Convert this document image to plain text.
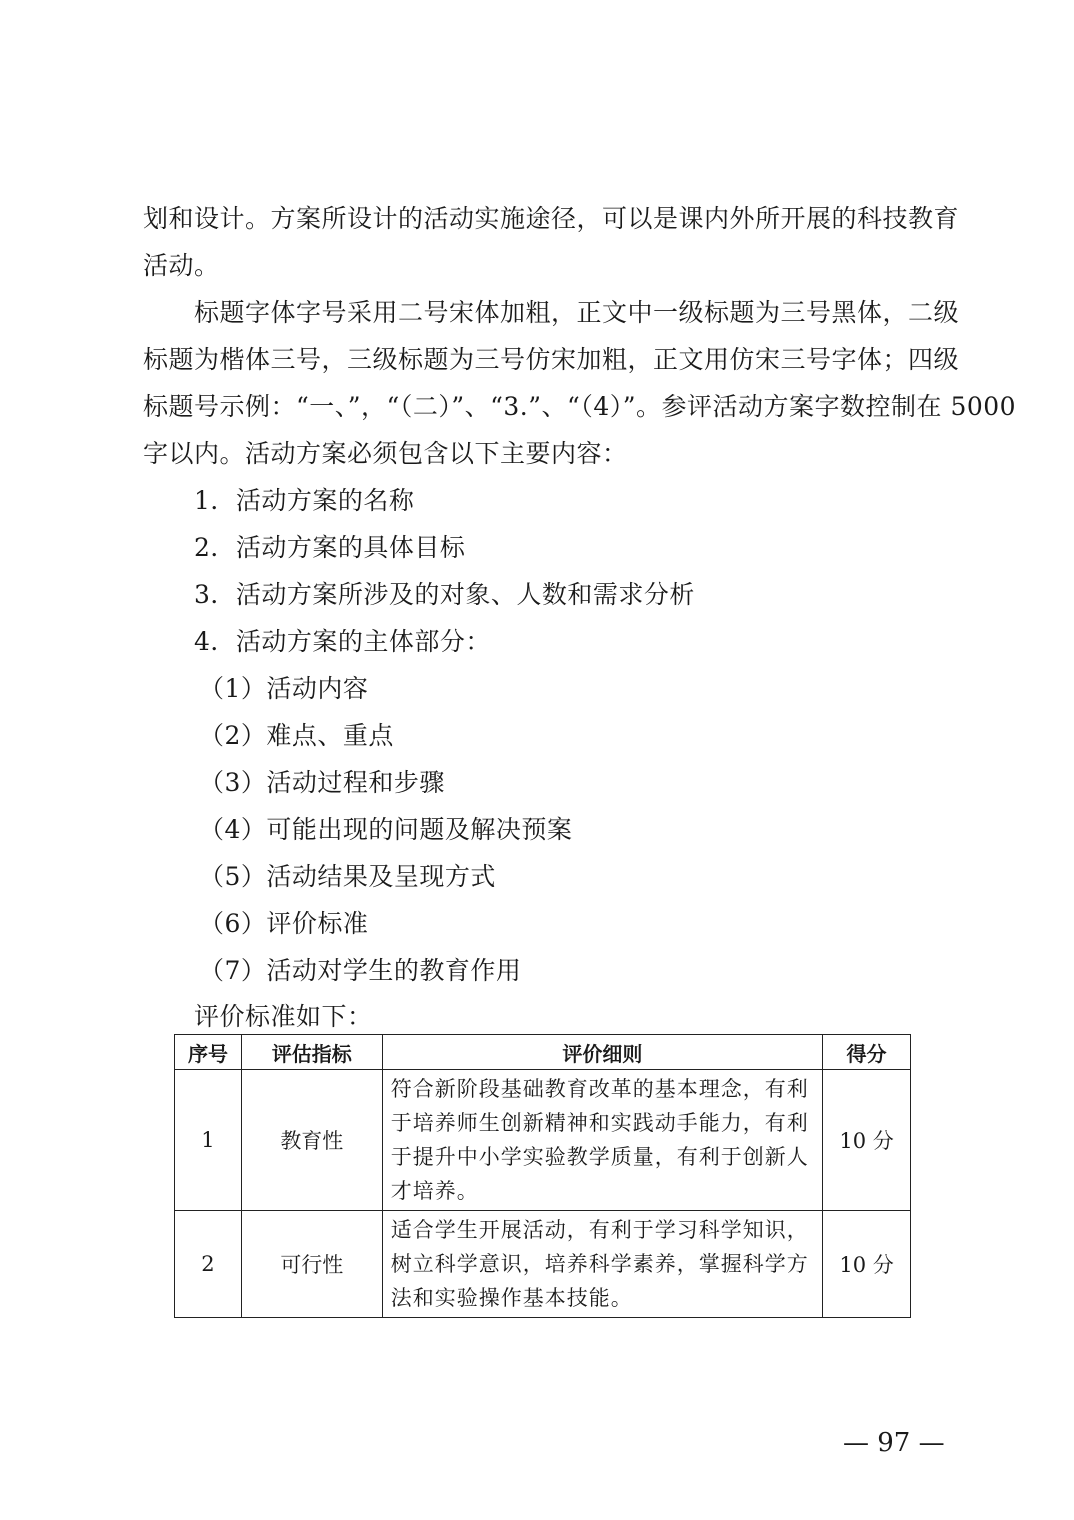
划和设计。方案所设计的活动实施途径，可以是课内外所开展的科技教育
活动。
标题字体字号采用二号宋体加粗，正文中一级标题为三号黑体，二级
标题为楷体三号，三级标题为三号仿宋加粗，正文用仿宋三号字体；四级
标题号示例：“一、”，“（二）”、“3.”、“（4）”。参评活动方案字数控制在 5000
字以内。活动方案必须包含以下主要内容：
1．活动方案的名称
2．活动方案的具体目标
3．活动方案所涉及的对象、人数和需求分析
4．活动方案的主体部分：
（1）活动内容
（2）难点、重点
（3）活动过程和步骤
（4）可能出现的问题及解决预案
（5）活动结果及呈现方式
（6）评价标准
（7）活动对学生的教育作用
评价标准如下：
序号	评估指标	评价细则	得分
1	教育性	符合新阶段基础教育改革的基本理念，有利
于培养师生创新精神和实践动手能力，有利
于提升中小学实验教学质量，有利于创新人
才培养。	10 分
2	可行性	适合学生开展活动，有利于学习科学知识，
树立科学意识，培养科学素养，掌握科学方
法和实验操作基本技能。	10 分
— 97 —
